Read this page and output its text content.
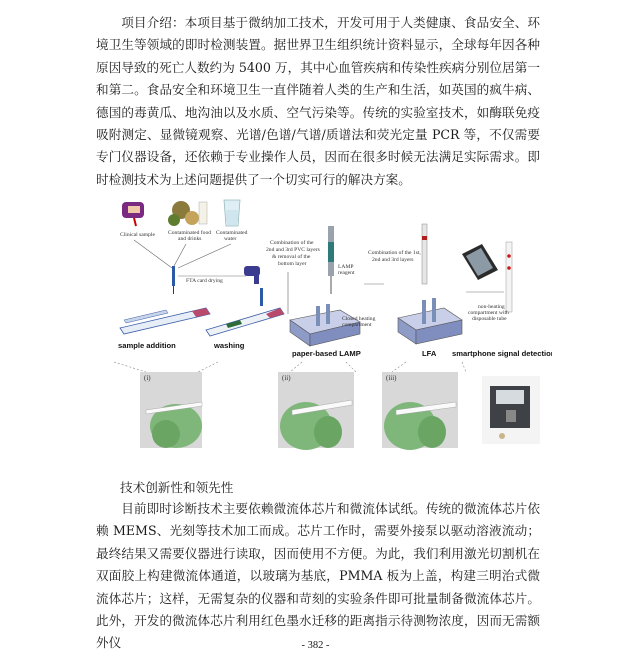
项目介绍：本项目基于微纳加工技术，开发可用于人类健康、食品安全、环境卫生等领域的即时检测装置。据世界卫生组织统计资料显示，全球每年因各种原因导致的死亡人数约为 5400 万，其中心血管疾病和传染性疾病分别位居第一和第二。食品安全和环境卫生一直伴随着人类的生产和生活，如英国的疯牛病、德国的毒黄瓜、地沟油以及水质、空气污染等。传统的实验室技术，如酶联免疫吸附测定、显微镜观察、光谱/色谱/气谱/质谱法和荧光定量 PCR 等，不仅需要专门仪器设备，还依赖于专业操作人员，因而在很多时候无法满足实际需求。即时检测技术为上述问题提供了一个切实可行的解决方案。

Clinical sample Contaminated food
and drinks
Contaminated
water
FTA card drying
sample addition	washing
Combination of the
2nd and 3rd PVC layers
& removal of the
bottom layer	LAMP
reagent
Closed heating
compartment
paper-based LAMP
Combination of the 1st,
2nd and 3rd layers
LFA
non-heating
compartment with
disposable tube
smartphone signal detection
(i)	(ii)	(iii)

技术创新性和领先性

目前即时诊断技术主要依赖微流体芯片和微流体试纸。传统的微流体芯片依赖 MEMS、光刻等技术加工而成。芯片工作时，需要外接泵以驱动溶液流动；最终结果又需要仪器进行读取，因而使用不方便。为此，我们利用激光切割机在双面胶上构建微流体通道，以玻璃为基底，PMMA 板为上盖，构建三明治式微流体芯片；这样，无需复杂的仪器和苛刻的实验条件即可批量制备微流体芯片。此外，开发的微流体芯片利用红色墨水迁移的距离指示待测物浓度，因而无需额外仪	- 382 -
